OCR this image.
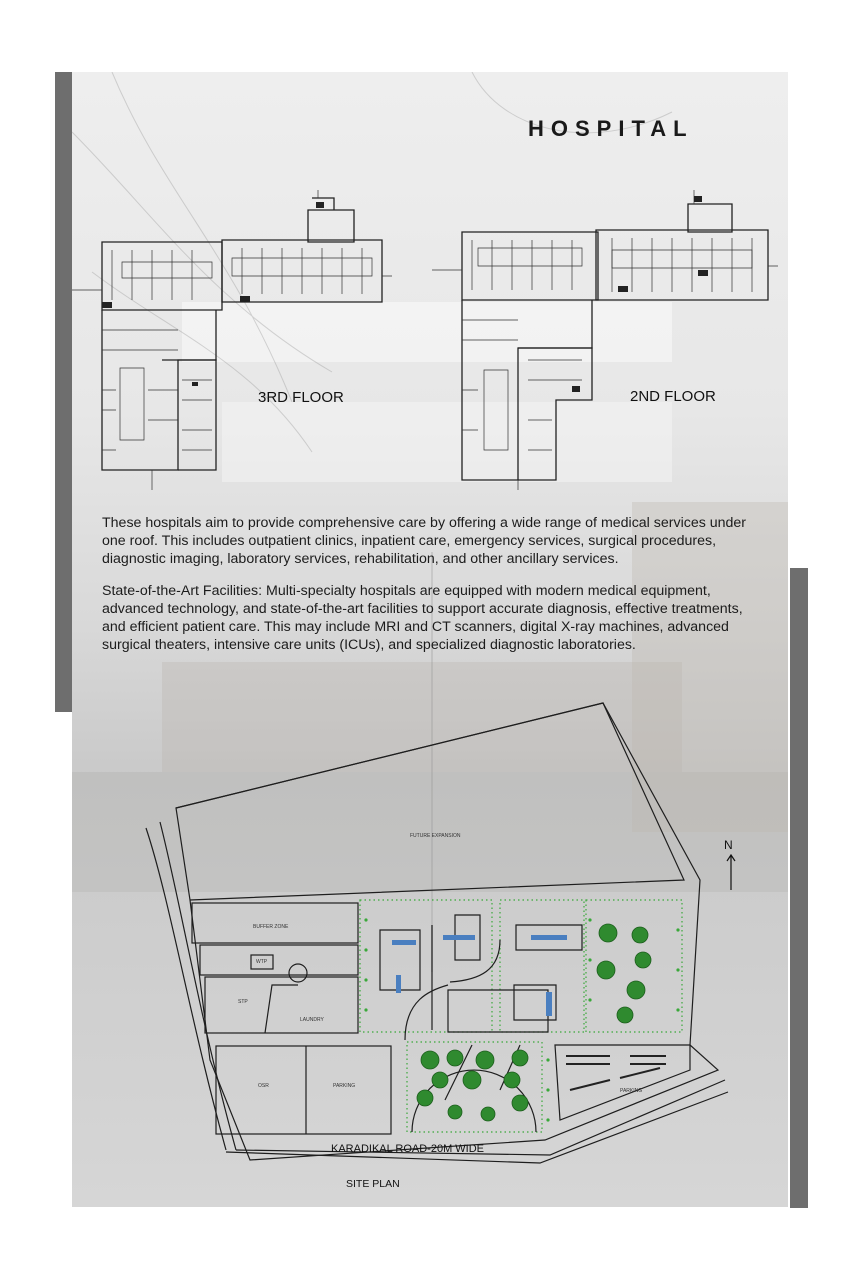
HOSPITAL
3RD FLOOR	2ND FLOOR

These hospitals aim to provide comprehensive care by offering a wide range of medical services under one roof. This includes outpatient clinics, inpatient care, emergency services, surgical procedures, diagnostic imaging, laboratory services, rehabilitation, and other ancillary services.

State-of-the-Art Facilities: Multi-specialty hospitals are equipped with modern medical equipment, advanced technology, and state-of-the-art facilities to support accurate diagnosis, effective treatments, and efficient patient care. This may include MRI and CT scanners, digital X-ray machines, advanced surgical theaters, intensive care units (ICUs), and specialized diagnostic laboratories.

FUTURE EXPANSION
BUFFER ZONE
WTP
STP
LAUNDRY
OSR	PARKING
PARKING
N
KARADIKAL ROAD-20M WIDE
SITE PLAN
